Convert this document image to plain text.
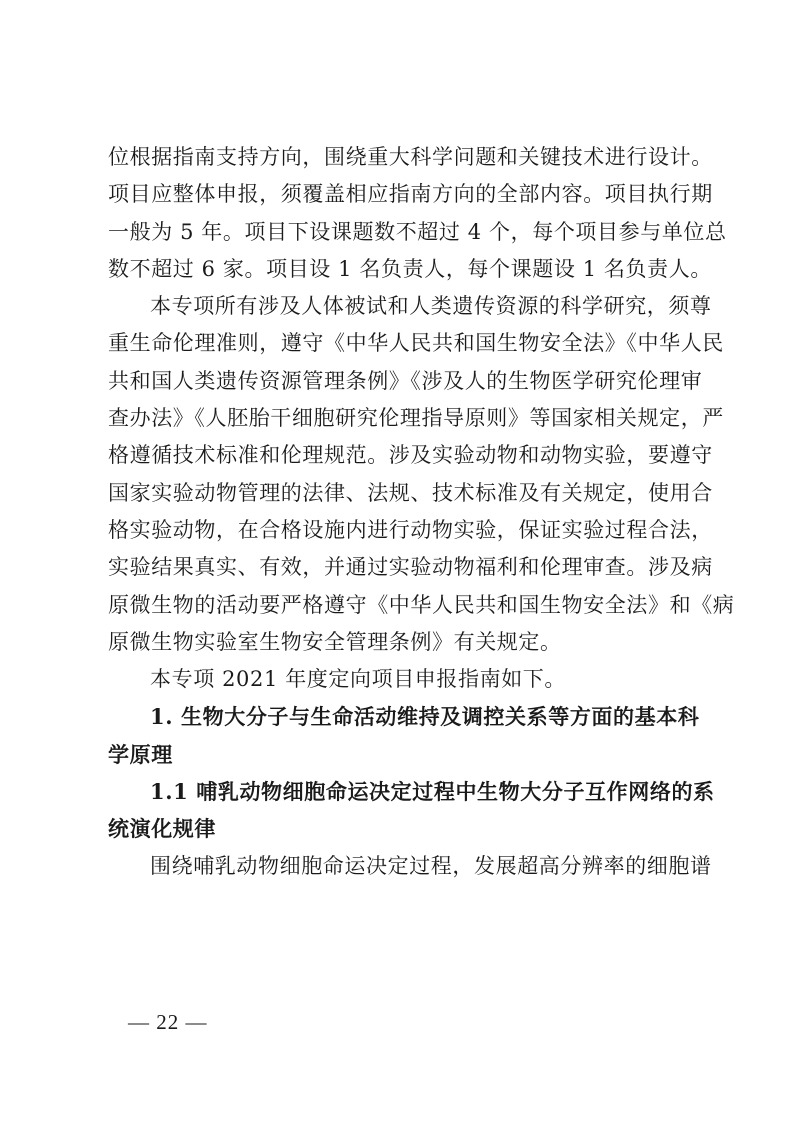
位根据指南支持方向，围绕重大科学问题和关键技术进行设计。
项目应整体申报，须覆盖相应指南方向的全部内容。项目执行期
一般为 5 年。项目下设课题数不超过 4 个，每个项目参与单位总
数不超过 6 家。项目设 1 名负责人，每个课题设 1 名负责人。
本专项所有涉及人体被试和人类遗传资源的科学研究，须尊
重生命伦理准则，遵守《中华人民共和国生物安全法》《中华人民
共和国人类遗传资源管理条例》《涉及人的生物医学研究伦理审
查办法》《人胚胎干细胞研究伦理指导原则》等国家相关规定，严
格遵循技术标准和伦理规范。涉及实验动物和动物实验，要遵守
国家实验动物管理的法律、法规、技术标准及有关规定，使用合
格实验动物，在合格设施内进行动物实验，保证实验过程合法，
实验结果真实、有效，并通过实验动物福利和伦理审查。涉及病
原微生物的活动要严格遵守《中华人民共和国生物安全法》和《病
原微生物实验室生物安全管理条例》有关规定。
本专项 2021 年度定向项目申报指南如下。
1. 生物大分子与生命活动维持及调控关系等方面的基本科
学原理
1.1 哺乳动物细胞命运决定过程中生物大分子互作网络的系
统演化规律
围绕哺乳动物细胞命运决定过程，发展超高分辨率的细胞谱
— 22 —
